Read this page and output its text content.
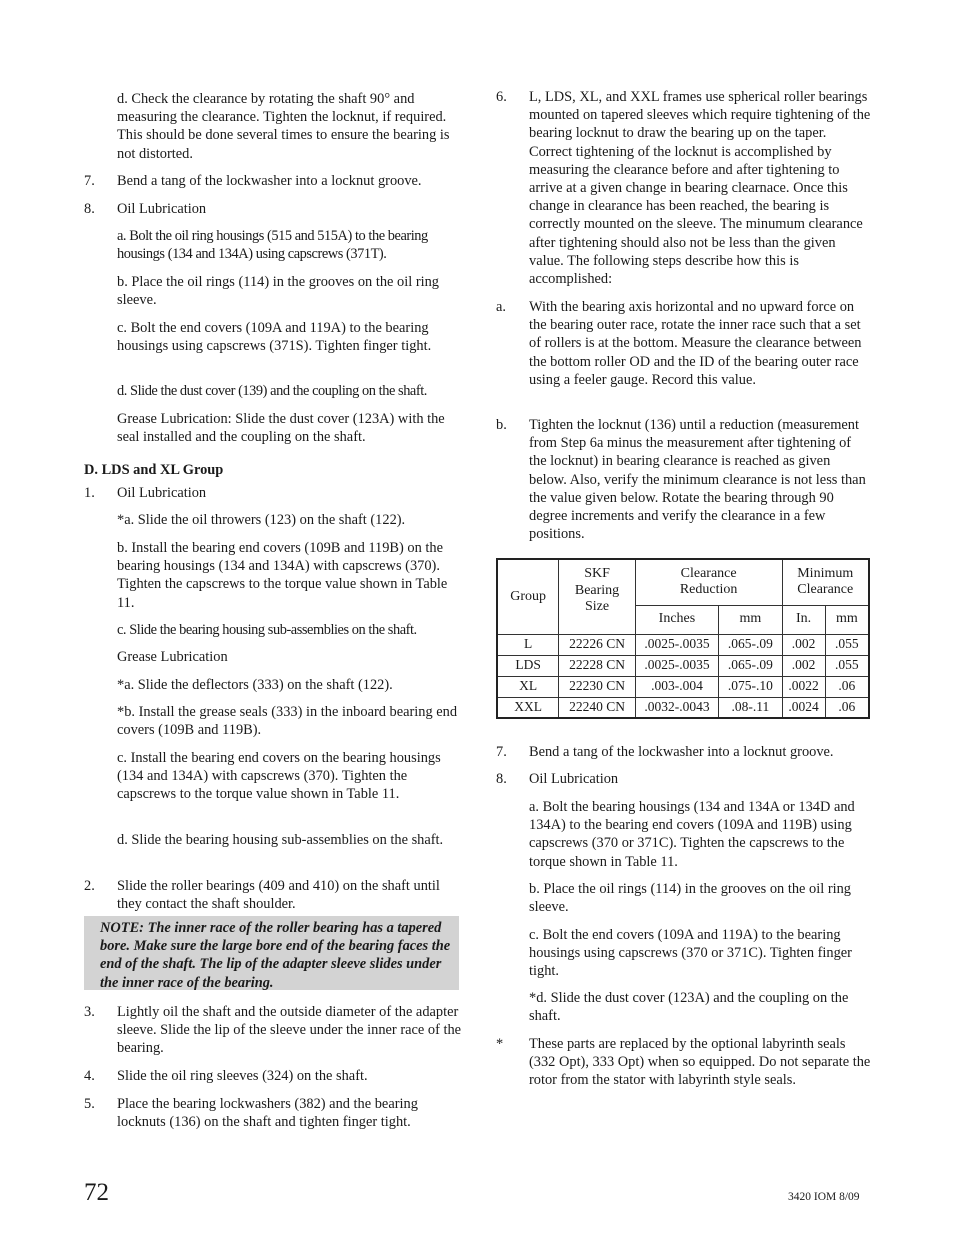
d. Check the clearance by rotating the shaft 90° and measuring the clearance. Tighten the locknut, if required. This should be done several times to ensure the bearing is not distorted.

7. Bend a tang of the lockwasher into a locknut groove.

8. Oil Lubrication

a. Bolt the oil ring housings (515 and 515A) to the bearing housings (134 and 134A) using capscrews (371T).

b. Place the oil rings (114) in the grooves on the oil ring sleeve.

c. Bolt the end covers (109A and 119A) to the bearing housings using capscrews (371S). Tighten finger tight.

d. Slide the dust cover (139) and the coupling on the shaft.

Grease Lubrication: Slide the dust cover (123A) with the seal installed and the coupling on the shaft.

D. LDS and XL Group

1. Oil Lubrication

*a. Slide the oil throwers (123) on the shaft (122).

b. Install the bearing end covers (109B and 119B) on the bearing housings (134 and 134A) with capscrews (370). Tighten the capscrews to the torque value shown in Table 11.

c. Slide the bearing housing sub-assemblies on the shaft.

Grease Lubrication

*a. Slide the deflectors (333) on the shaft (122).

*b. Install the grease seals (333) in the inboard bearing end covers (109B and 119B).

c. Install the bearing end covers on the bearing housings (134 and 134A) with capscrews (370). Tighten the capscrews to the torque value shown in Table 11.

d. Slide the bearing housing sub-assemblies on the shaft.

2. Slide the roller bearings (409 and 410) on the shaft until they contact the shaft shoulder.

NOTE: The inner race of the roller bearing has a tapered bore. Make sure the large bore end of the bearing faces the end of the shaft. The lip of the adapter sleeve slides under the inner race of the bearing.
3. Lightly oil the shaft and the outside diameter of the adapter sleeve. Slide the lip of the sleeve under the inner race of the bearing.

4. Slide the oil ring sleeves (324) on the shaft.

5. Place the bearing lockwashers (382) and the bearing locknuts (136) on the shaft and tighten finger tight.

6. L, LDS, XL, and XXL frames use spherical roller bearings mounted on tapered sleeves which require tightening of the bearing locknut to draw the bearing up on the taper. Correct tightening of the locknut is accomplished by measuring the clearance before and after tightening to arrive at a given change in bearing clearnace. Once this change in clearance has been reached, the bearing is correctly mounted on the sleeve. The minumum clearance after tightening should also not be less than the given value. The following steps describe how this is accomplished:

a. With the bearing axis horizontal and no upward force on the bearing outer race, rotate the inner race such that a set of rollers is at the bottom. Measure the clearance between the bottom roller OD and the ID of the bearing outer race using a feeler gauge. Record this value.

b. Tighten the locknut (136) until a reduction (measurement from Step 6a minus the measurement after tightening of the locknut) in bearing clearance is reached as given below. Also, verify the minimum clearance is not less than the value given below. Rotate the bearing through 90 degree increments and verify the clearance in a few positions.

Group	SKF
Bearing
Size	Clearance
Reduction		Minimum
Clearance	
		Inches	mm	In.	mm
L	22226 CN	.0025-.0035	.065-.09	.002	.055
LDS	22228 CN	.0025-.0035	.065-.09	.002	.055
XL	22230 CN	.003-.004	.075-.10	.0022	.06
XXL	22240 CN	.0032-.0043	.08-.11	.0024	.06
7. Bend a tang of the lockwasher into a locknut groove.

8. Oil Lubrication

a. Bolt the bearing housings (134 and 134A or 134D and 134A) to the bearing end covers (109A and 119B) using capscrews (370 or 371C). Tighten the capscrews to the torque shown in Table 11.

b. Place the oil rings (114) in the grooves on the oil ring sleeve.

c. Bolt the end covers (109A and 119A) to the bearing housings using capscrews (370 or 371C). Tighten finger tight.

*d. Slide the dust cover (123A) and the coupling on the shaft.

* These parts are replaced by the optional labyrinth seals (332 Opt), 333 Opt) when so equipped. Do not separate the rotor from the stator with labyrinth style seals.

72	3420 IOM 8/09
